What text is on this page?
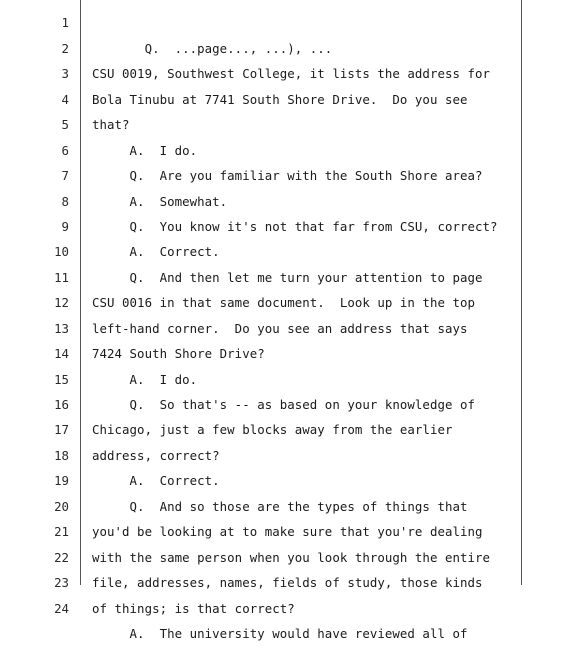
1

Q.  ...page..., ...), ...

2

CSU 0019, Southwest College, it lists the address for

3

Bola Tinubu at 7741 South Shore Drive.  Do you see

4

that?

5

A.  I do.

6

Q.  Are you familiar with the South Shore area?

7

A.  Somewhat.

8

Q.  You know it's not that far from CSU, correct?

9

A.  Correct.

10

Q.  And then let me turn your attention to page

11

CSU 0016 in that same document.  Look up in the top

12

left-hand corner.  Do you see an address that says

13

7424 South Shore Drive?

14

A.  I do.

15

Q.  So that's -- as based on your knowledge of

16

Chicago, just a few blocks away from the earlier

17

address, correct?

18

A.  Correct.

19

Q.  And so those are the types of things that

20

you'd be looking at to make sure that you're dealing

21

with the same person when you look through the entire

22

file, addresses, names, fields of study, those kinds

23

of things; is that correct?

24

A.  The university would have reviewed all of
